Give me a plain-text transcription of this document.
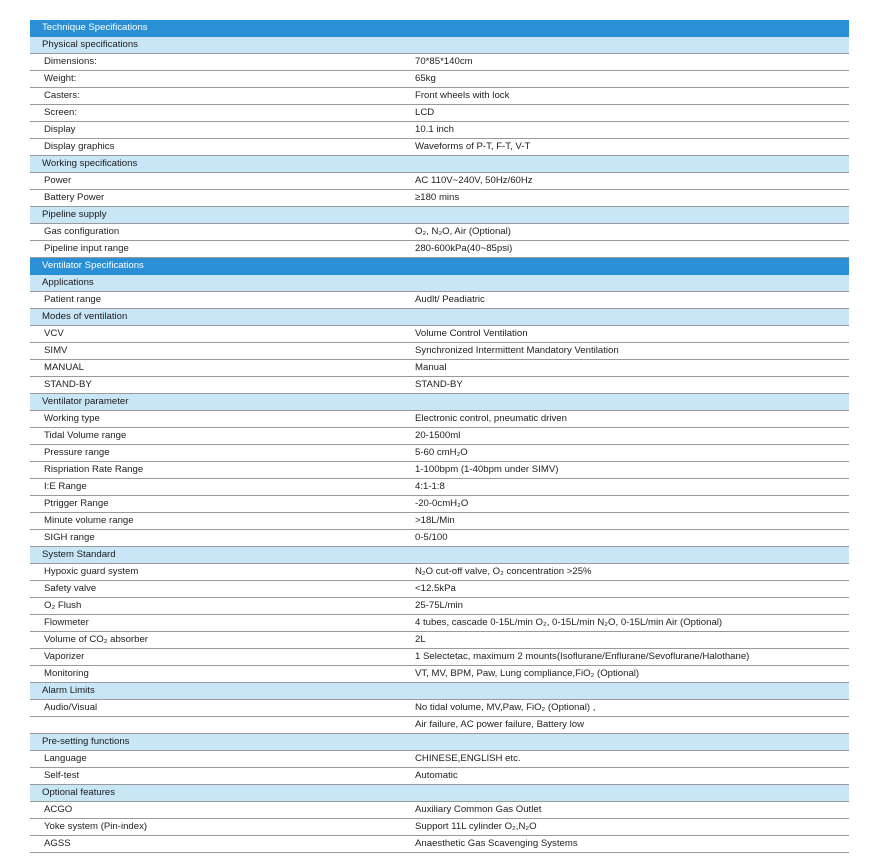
Technique Specifications	
Physical specifications	
Dimensions:	70*85*140cm
Weight:	65kg
Casters:	Front wheels with lock
Screen:	LCD
Display	10.1 inch
Display graphics	Waveforms of P-T, F-T, V-T
Working specifications	
Power	AC 110V~240V, 50Hz/60Hz
Battery Power	≥180 mins
Pipeline supply	
Gas configuration	O₂, N₂O, Air (Optional)
Pipeline input range	280-600kPa(40~85psi)
Ventilator Specifications	
Applications	
Patient range	Audlt/ Peadiatric
Modes of ventilation	
VCV	Volume Control Ventilation
SIMV	Synchronized Intermittent Mandatory Ventilation
MANUAL	Manual
STAND-BY	STAND-BY
Ventilator parameter	
Working type	Electronic control, pneumatic driven
Tidal Volume range	20-1500ml
Pressure range	5-60 cmH₂O
Rispriation Rate Range	1-100bpm (1-40bpm under SIMV)
I:E Range	4:1-1:8
Ptrigger Range	-20-0cmH₂O
Minute volume range	>18L/Min
SIGH range	0-5/100
System Standard	
Hypoxic guard system	N₂O cut-off valve, O₂ concentration >25%
Safety valve	<12.5kPa
O₂ Flush	25-75L/min
Flowmeter	4 tubes, cascade 0-15L/min O₂, 0-15L/min N₂O, 0-15L/min Air (Optional)
Volume of CO₂ absorber	2L
Vaporizer	1 Selectetac, maximum 2 mounts(Isoflurane/Enflurane/Sevoflurane/Halothane)
Monitoring	VT, MV, BPM, Paw, Lung compliance,FiO₂ (Optional)
Alarm Limits	
Audio/Visual	No tidal volume, MV,Paw, FiO₂ (Optional) ,
	Air failure, AC power failure, Battery low
Pre-setting functions	
Language	CHINESE,ENGLISH etc.
Self-test	Automatic
Optional features	
ACGO	Auxiliary Common Gas Outlet
Yoke system (Pin-index)	Support 11L cylinder O₂,N₂O
AGSS	Anaesthetic Gas Scavenging Systems
